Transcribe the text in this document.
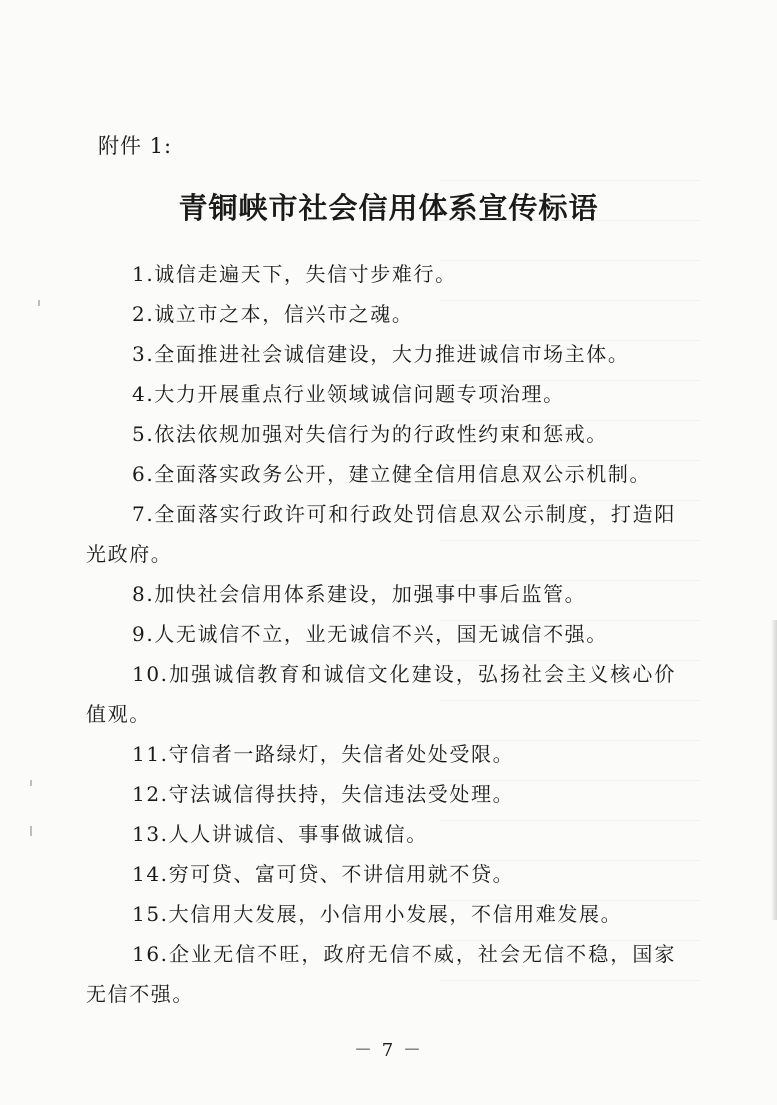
附件 1:
青铜峡市社会信用体系宣传标语
1.诚信走遍天下，失信寸步难行。
2.诚立市之本，信兴市之魂。
3.全面推进社会诚信建设，大力推进诚信市场主体。
4.大力开展重点行业领域诚信问题专项治理。
5.依法依规加强对失信行为的行政性约束和惩戒。
6.全面落实政务公开，建立健全信用信息双公示机制。
7.全面落实行政许可和行政处罚信息双公示制度，打造阳光政府。
8.加快社会信用体系建设，加强事中事后监管。
9.人无诚信不立，业无诚信不兴，国无诚信不强。
10.加强诚信教育和诚信文化建设，弘扬社会主义核心价值观。
11.守信者一路绿灯，失信者处处受限。
12.守法诚信得扶持，失信违法受处理。
13.人人讲诚信、事事做诚信。
14.穷可贷、富可贷、不讲信用就不贷。
15.大信用大发展，小信用小发展，不信用难发展。
16.企业无信不旺，政府无信不威，社会无信不稳，国家无信不强。
－ 7 －
